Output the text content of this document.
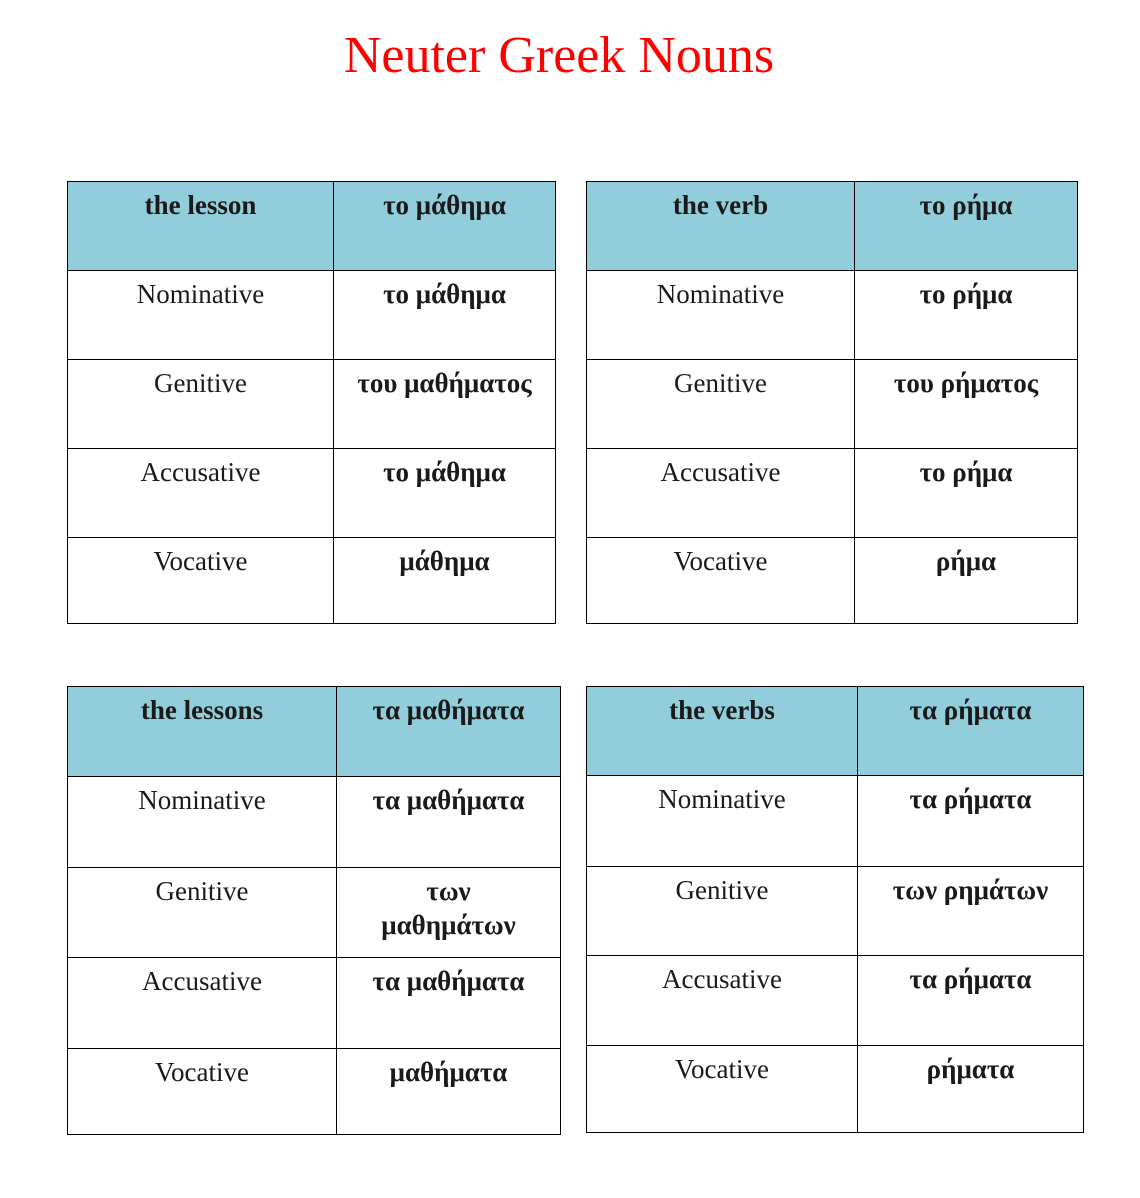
Neuter Greek Nouns
the lesson	το μάθημα
Nominative	το μάθημα
Genitive	του μαθήματος
Accusative	το μάθημα
Vocative	μάθημα
the verb	το ρήμα
Nominative	το ρήμα
Genitive	του ρήματος
Accusative	το ρήμα
Vocative	ρήμα
the lessons	τα μαθήματα
Nominative	τα μαθήματα
Genitive	των μαθημάτων
Accusative	τα μαθήματα
Vocative	μαθήματα
the verbs	τα ρήματα
Nominative	τα ρήματα
Genitive	των ρημάτων
Accusative	τα ρήματα
Vocative	ρήματα
